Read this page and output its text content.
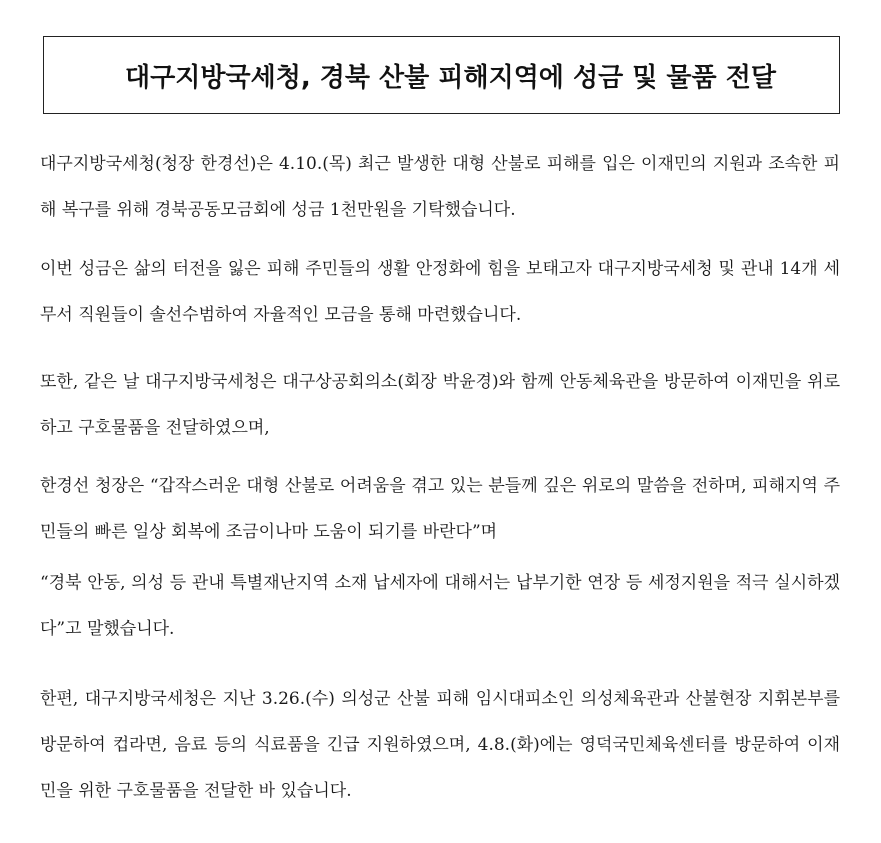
대구지방국세청, 경북 산불 피해지역에 성금 및 물품 전달

대구지방국세청(청장 한경선)은 4.10.(목) 최근 발생한 대형 산불로 피해를 입은 이재민의 지원과 조속한 피해 복구를 위해 경북공동모금회에 성금 1천만원을 기탁했습니다.

이번 성금은 삶의 터전을 잃은 피해 주민들의 생활 안정화에 힘을 보태고자 대구지방국세청 및 관내 14개 세무서 직원들이 솔선수범하여 자율적인 모금을 통해 마련했습니다.

또한, 같은 날 대구지방국세청은 대구상공회의소(회장 박윤경)와 함께 안동체육관을 방문하여 이재민을 위로하고 구호물품을 전달하였으며,

한경선 청장은 “갑작스러운 대형 산불로 어려움을 겪고 있는 분들께 깊은 위로의 말씀을 전하며, 피해지역 주민들의 빠른 일상 회복에 조금이나마 도움이 되기를 바란다”며

“경북 안동, 의성 등 관내 특별재난지역 소재 납세자에 대해서는 납부기한 연장 등 세정지원을 적극 실시하겠다”고 말했습니다.

한편, 대구지방국세청은 지난 3.26.(수) 의성군 산불 피해 임시대피소인 의성체육관과 산불현장 지휘본부를 방문하여 컵라면, 음료 등의 식료품을 긴급 지원하였으며, 4.8.(화)에는 영덕국민체육센터를 방문하여 이재민을 위한 구호물품을 전달한 바 있습니다.
